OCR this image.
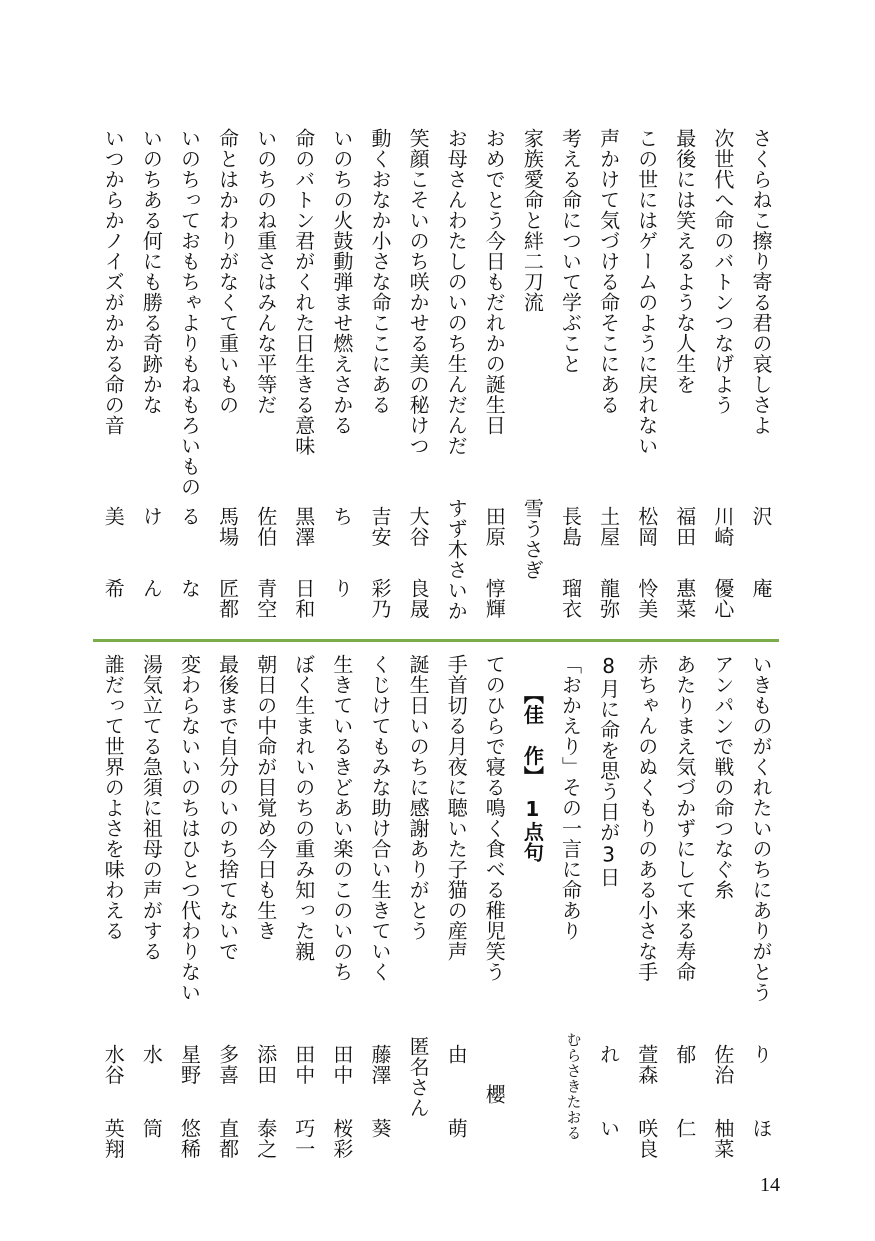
さくらねこ擦り寄る君の哀しさよ
沢
庵
次世代へ命のバトンつなげよう
川崎
優心
最後には笑えるような人生を
福田
惠菜
この世にはゲームのように戻れない
松岡
怜美
声かけて気づける命そこにある
土屋
龍弥
考える命について学ぶこと
長島
瑠衣
家族愛命と絆二刀流
雪うさぎ
おめでとう今日もだれかの誕生日
田原
惇輝
お母さんわたしのいのち生んだんだ
すず木さいか
笑顔こそいのち咲かせる美の秘けつ
大谷
良晟
動くおなか小さな命ここにある
吉安
彩乃
いのちの火鼓動弾ませ燃えさかる
ち
り
命のバトン君がくれた日生きる意味
黒澤
日和
いのちのね重さはみんな平等だ
佐伯
青空
命とはかわりがなくて重いもの
馬場
匠都
いのちっておもちゃよりもねもろいもの
る
な
いのちある何にも勝る奇跡かな
け
ん
いつからかノイズがかかる命の音
美
希
いきものがくれたいのちにありがとう
り
ほ
アンパンで戦の命つなぐ糸
佐治
柚菜
あたりまえ気づかずにして来る寿命
郁
仁
赤ちゃんのぬくもりのある小さな手
萱森
咲良
8月に命を思う日が3日
れ
い
「おかえり」その一言に命あり
むらさきたおる
【佳　作】　1点句
てのひらで寝る鳴く食べる稚児笑う
櫻
手首切る月夜に聴いた子猫の産声
由
萌
誕生日いのちに感謝ありがとう
匿名さん
くじけてもみな助け合い生きていく
藤澤
葵
生きているきどあい楽のこのいのち
田中
桜彩
ぼく生まれいのちの重み知った親
田中
巧一
朝日の中命が目覚め今日も生き
添田
泰之
最後まで自分のいのち捨てないで
多喜
直都
変わらないいのちはひとつ代わりない
星野
悠稀
湯気立てる急須に祖母の声がする
水
筒
誰だって世界のよさを味わえる
水谷
英翔
14
